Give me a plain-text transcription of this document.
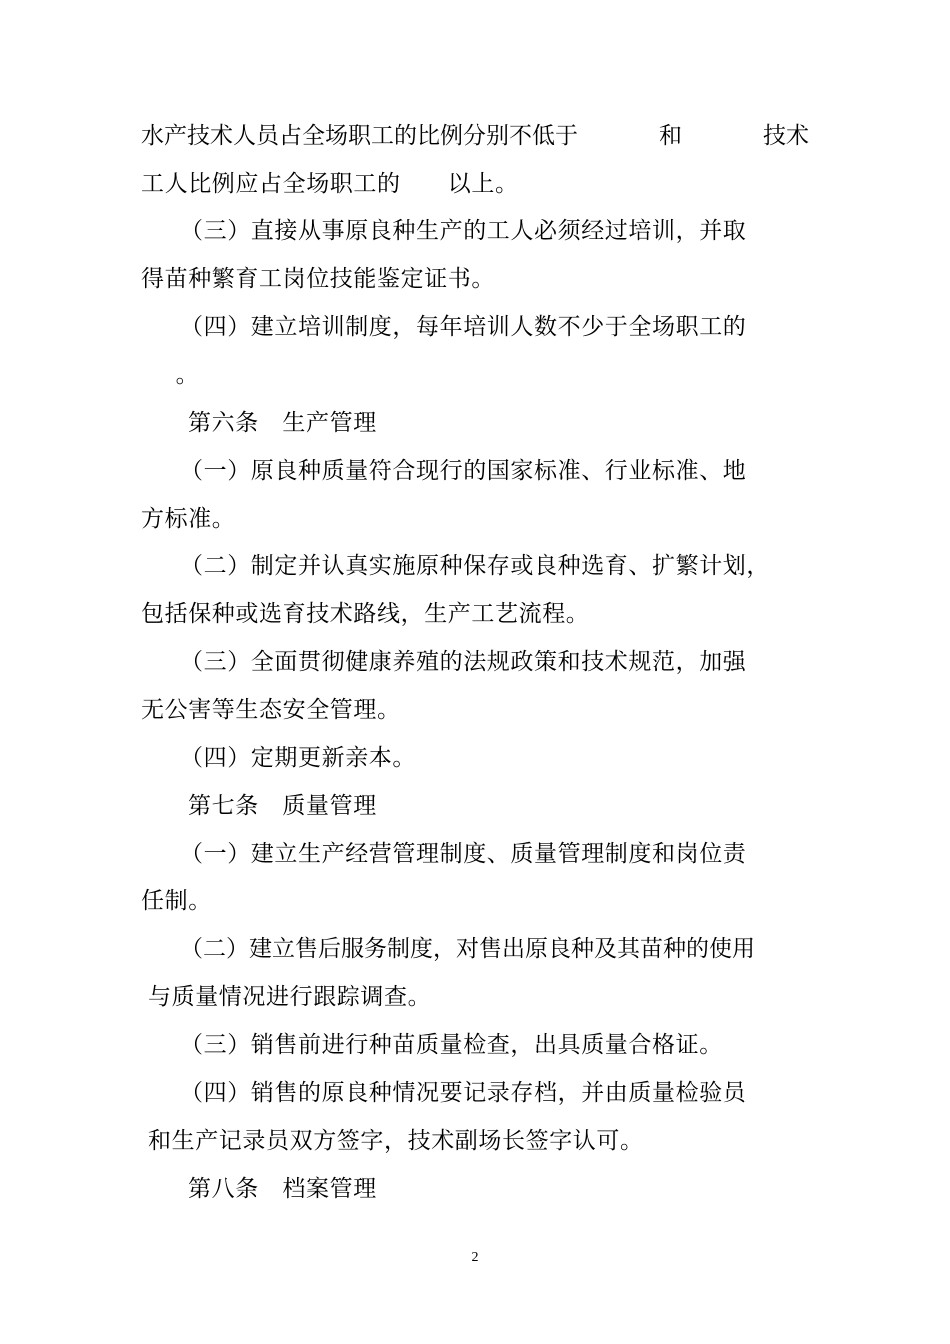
水产技术人员占全场职工的比例分别不低于	和	技术
工人比例应占全场职工的　　以上。
（三）直接从事原良种生产的工人必须经过培训，并取
得苗种繁育工岗位技能鉴定证书。
（四）建立培训制度，每年培训人数不少于全场职工的
　。
第六条　生产管理
（一）原良种质量符合现行的国家标准、行业标准、地
方标准。
（二）制定并认真实施原种保存或良种选育、扩繁计划，
包括保种或选育技术路线，生产工艺流程。
（三）全面贯彻健康养殖的法规政策和技术规范，加强
无公害等生态安全管理。
（四）定期更新亲本。
第七条　质量管理
（一）建立生产经营管理制度、质量管理制度和岗位责
任制。
（二）建立售后服务制度，对售出原良种及其苗种的使用
与质量情况进行跟踪调查。
（三）销售前进行种苗质量检查，出具质量合格证。
（四）销售的原良种情况要记录存档，并由质量检验员
和生产记录员双方签字，技术副场长签字认可。
第八条　档案管理
2
